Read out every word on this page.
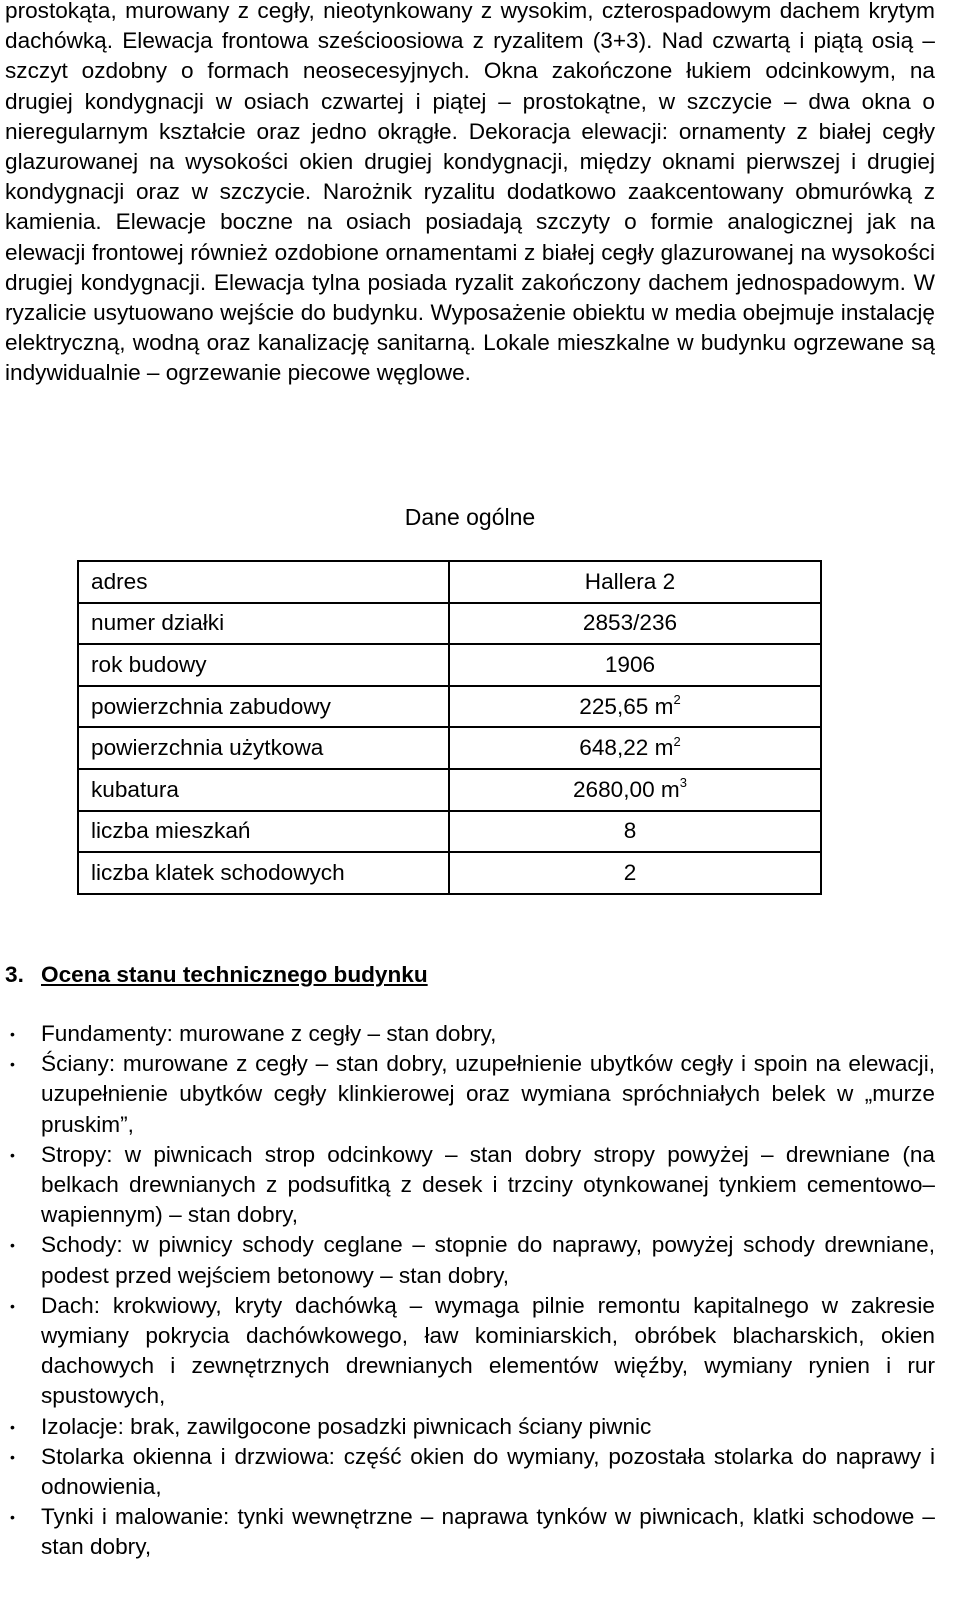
prostokąta, murowany z cegły, nieotynkowany z wysokim, czterospadowym dachem krytym dachówką. Elewacja frontowa sześcioosiowa z ryzalitem (3+3). Nad czwartą i piątą osią – szczyt ozdobny o formach neosecesyjnych. Okna zakończone łukiem odcinkowym, na drugiej kondygnacji w osiach czwartej i piątej – prostokątne, w szczycie – dwa okna o nieregularnym kształcie oraz jedno okrągłe. Dekoracja elewacji: ornamenty z białej cegły glazurowanej na wysokości okien drugiej kondygnacji, między oknami pierwszej i drugiej kondygnacji oraz w szczycie. Narożnik ryzalitu dodatkowo zaakcentowany obmurówką z kamienia. Elewacje boczne na osiach posiadają szczyty o formie analogicznej jak na elewacji frontowej również ozdobione ornamentami z białej cegły glazurowanej na wysokości drugiej kondygnacji. Elewacja tylna posiada ryzalit zakończony dachem jednospadowym. W ryzalicie usytuowano wejście do budynku. Wyposażenie obiektu w media obejmuje instalację elektryczną, wodną oraz kanalizację sanitarną. Lokale mieszkalne w budynku ogrzewane są indywidualnie – ogrzewanie piecowe węglowe.

Dane ogólne
adres	Hallera 2
numer działki	2853/236
rok budowy	1906
powierzchnia zabudowy	225,65 $m^2$
powierzchnia użytkowa	648,22 $m^2$
kubatura	2680,00 $m^3$
liczba mieszkań	8
liczba klatek schodowych	2
3. Ocena stanu technicznego budynku
• Fundamenty: murowane z cegły – stan dobry,
• Ściany: murowane z cegły – stan dobry, uzupełnienie ubytków cegły i spoin na elewacji, uzupełnienie ubytków cegły klinkierowej oraz wymiana spróchniałych belek w „murze pruskim”,
• Stropy: w piwnicach strop odcinkowy – stan dobry stropy powyżej – drewniane (na belkach drewnianych z podsufitką z desek i trzciny otynkowanej tynkiem cementowo–wapiennym) – stan dobry,
• Schody: w piwnicy schody ceglane – stopnie do naprawy, powyżej schody drewniane, podest przed wejściem betonowy – stan dobry,
• Dach: krokwiowy, kryty dachówką – wymaga pilnie remontu kapitalnego w zakresie wymiany pokrycia dachówkowego, ław kominiarskich, obróbek blacharskich, okien dachowych i zewnętrznych drewnianych elementów więźby, wymiany rynien i rur spustowych,
• Izolacje: brak, zawilgocone posadzki piwnicach ściany piwnic
• Stolarka okienna i drzwiowa: część okien do wymiany, pozostała stolarka do naprawy i odnowienia,
• Tynki i malowanie: tynki wewnętrzne – naprawa tynków w piwnicach, klatki schodowe – stan dobry,
